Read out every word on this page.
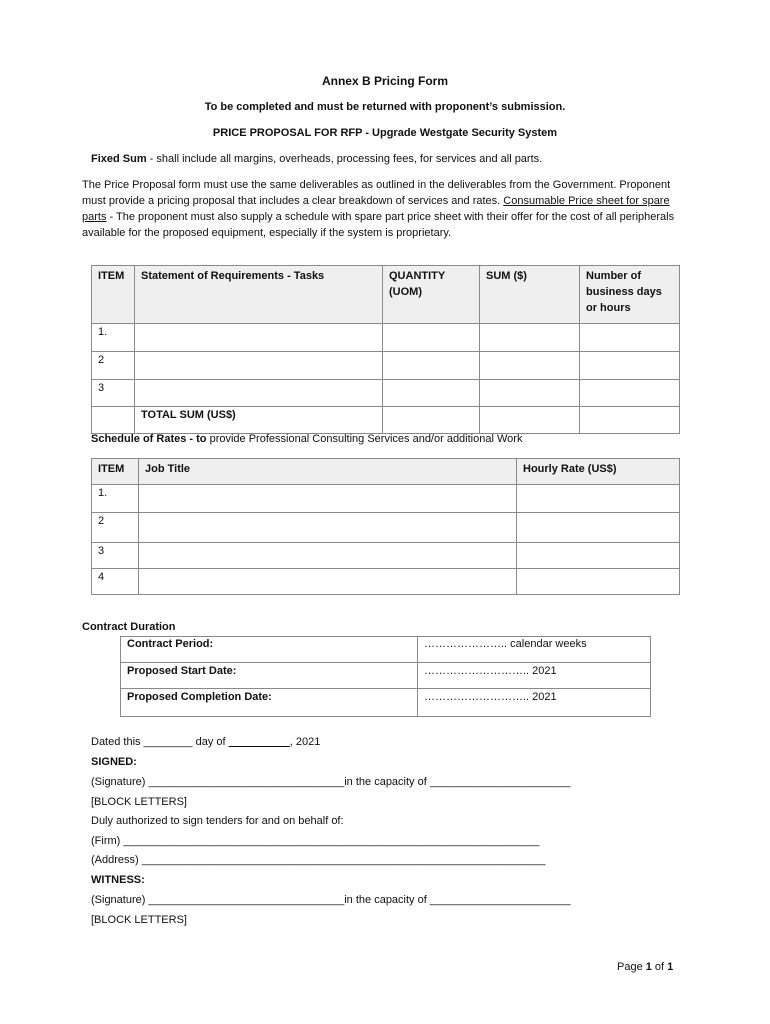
Annex B Pricing Form
To be completed and must be returned with proponent’s submission.
PRICE PROPOSAL FOR RFP - Upgrade Westgate Security System
Fixed Sum - shall include all margins, overheads, processing fees, for services and all parts.
The Price Proposal form must use the same deliverables as outlined in the deliverables from the Government. Proponent must provide a pricing proposal that includes a clear breakdown of services and rates. Consumable Price sheet for spare parts - The proponent must also supply a schedule with spare part price sheet with their offer for the cost of all peripherals available for the proposed equipment, especially if the system is proprietary.
ITEM	Statement of Requirements - Tasks	QUANTITY (UOM)	SUM ($)	Number of business days or hours
1.				
2				
3				
	TOTAL SUM (US$)			
Schedule of Rates - to provide Professional Consulting Services and/or additional Work
ITEM	Job Title	Hourly Rate (US$)
1.		
2		
3		
4		
Contract Duration
Contract Period:	………………….. calendar weeks
Proposed Start Date:	……………………….. 2021
Proposed Completion Date:	……………………….. 2021
Dated this ________ day of __________, 2021
SIGNED:
(Signature) ________________________________in the capacity of _______________________
[BLOCK LETTERS]
Duly authorized to sign tenders for and on behalf of:
(Firm) ____________________________________________________________________
(Address) __________________________________________________________________
WITNESS:
(Signature) ________________________________in the capacity of _______________________
[BLOCK LETTERS]
Page 1 of 1
